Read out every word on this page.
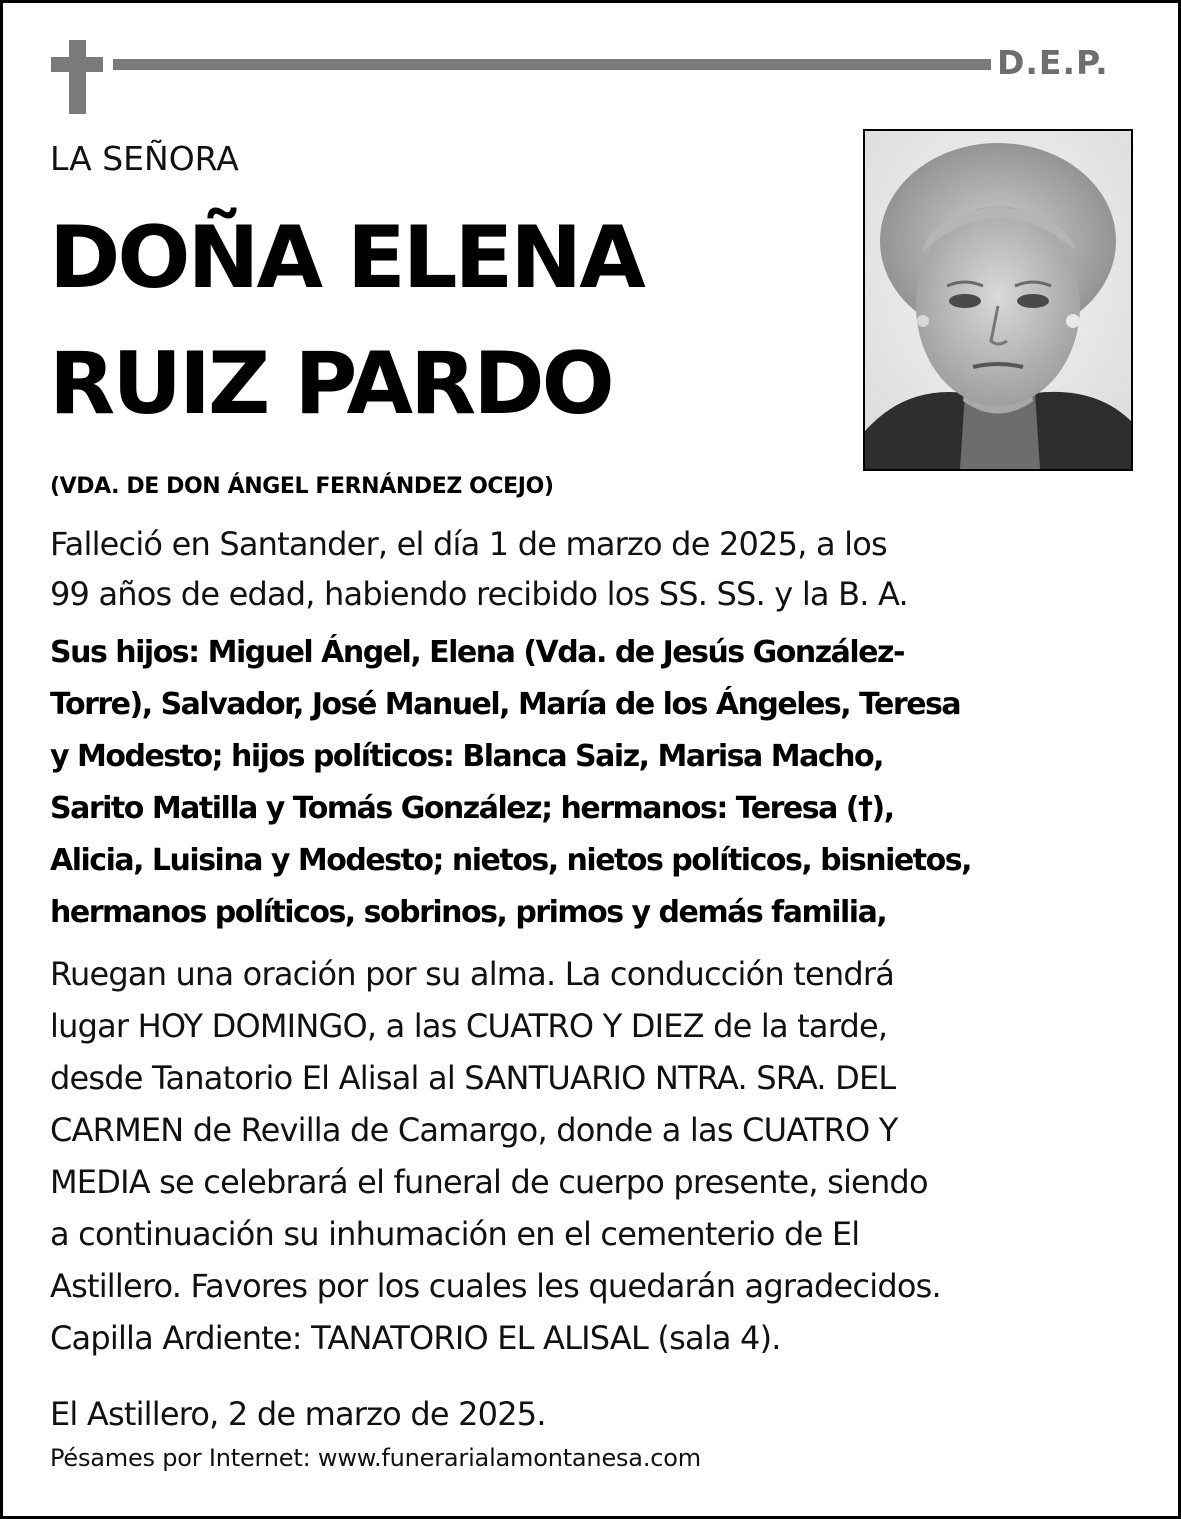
D.E.P.
LA SEÑORA
DOÑA ELENA
RUIZ PARDO
(VDA. DE DON ÁNGEL FERNÁNDEZ OCEJO)
Falleció en Santander, el día 1 de marzo de 2025, a los
99 años de edad, habiendo recibido los SS. SS. y la B. A.
Sus hijos: Miguel Ángel, Elena (Vda. de Jesús González-
Torre), Salvador, José Manuel, María de los Ángeles, Teresa
y Modesto; hijos políticos: Blanca Saiz, Marisa Macho,
Sarito Matilla y Tomás González; hermanos: Teresa (†),
Alicia, Luisina y Modesto; nietos, nietos políticos, bisnietos,
hermanos políticos, sobrinos, primos y demás familia,
Ruegan una oración por su alma. La conducción tendrá
lugar HOY DOMINGO, a las CUATRO Y DIEZ de la tarde,
desde Tanatorio El Alisal al SANTUARIO NTRA. SRA. DEL
CARMEN de Revilla de Camargo, donde a las CUATRO Y
MEDIA se celebrará el funeral de cuerpo presente, siendo
a continuación su inhumación en el cementerio de El
Astillero. Favores por los cuales les quedarán agradecidos.
Capilla Ardiente: TANATORIO EL ALISAL (sala 4).
El Astillero, 2 de marzo de 2025.
Pésames por Internet: www.funerarialamontanesa.com
